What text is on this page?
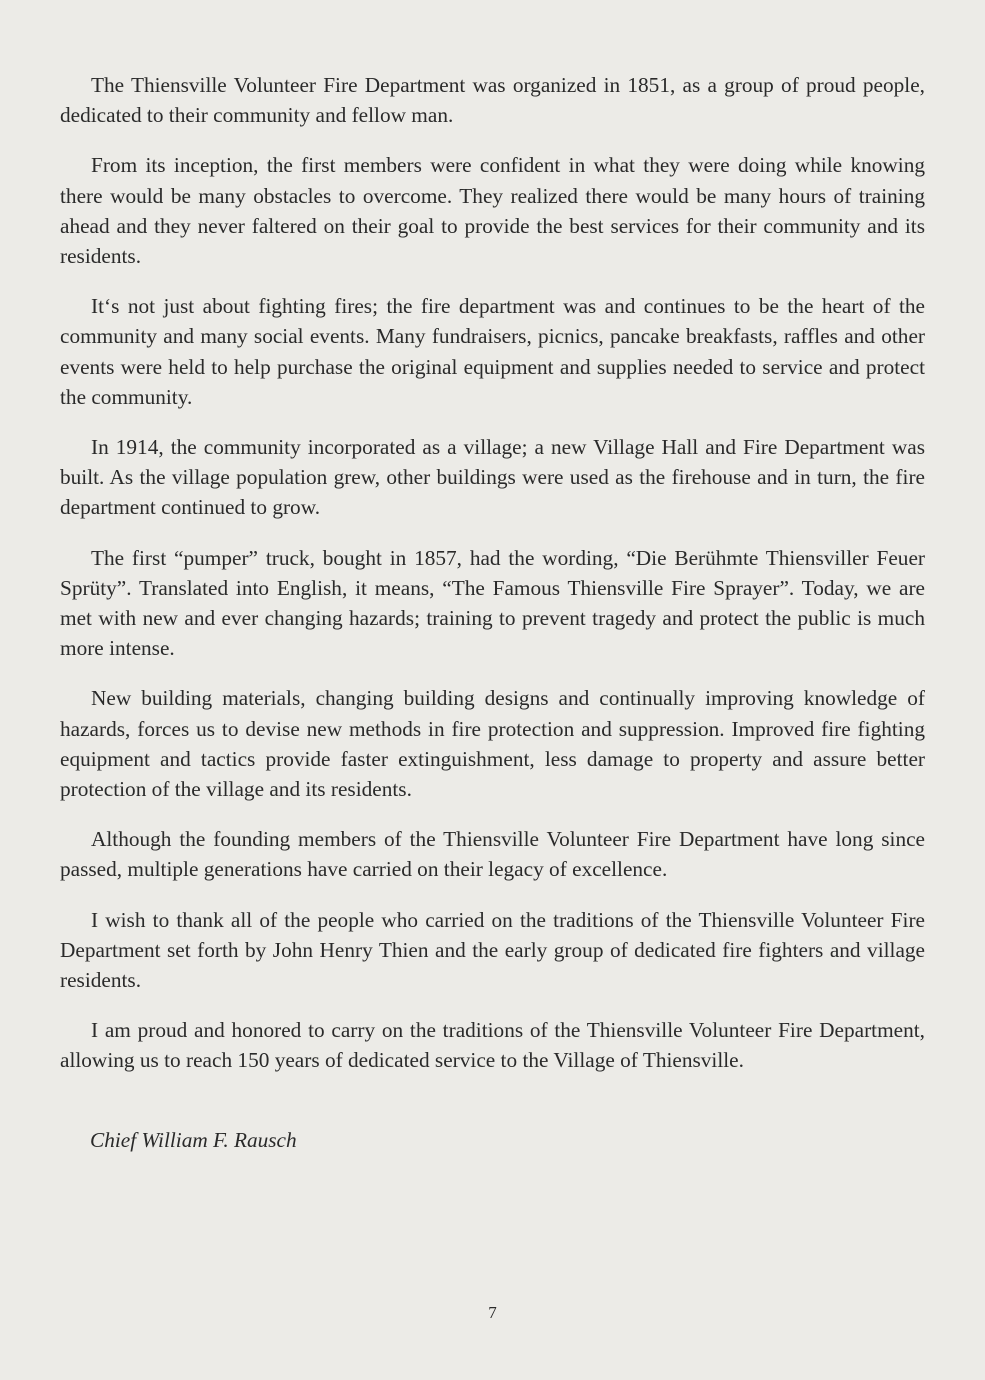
The Thiensville Volunteer Fire Department was organized in 1851, as a group of proud people, dedicated to their community and fellow man.

From its inception, the first members were confident in what they were doing while knowing there would be many obstacles to overcome. They realized there would be many hours of training ahead and they never faltered on their goal to provide the best services for their community and its residents.

It‘s not just about fighting fires; the fire department was and continues to be the heart of the community and many social events. Many fundraisers, picnics, pancake breakfasts, raffles and other events were held to help purchase the original equipment and supplies needed to service and protect the community.

In 1914, the community incorporated as a village; a new Village Hall and Fire Department was built. As the village population grew, other buildings were used as the firehouse and in turn, the fire department continued to grow.

The first “pumper” truck, bought in 1857, had the wording, “Die Berühmte Thiensviller Feuer Sprüty”. Translated into English, it means, “The Famous Thiensville Fire Sprayer”. Today, we are met with new and ever changing hazards; training to prevent tragedy and protect the public is much more intense.

New building materials, changing building designs and continually improving knowledge of hazards, forces us to devise new methods in fire protection and suppression. Improved fire fighting equipment and tactics provide faster extinguishment, less damage to property and assure better protection of the village and its residents.

Although the founding members of the Thiensville Volunteer Fire Department have long since passed, multiple generations have carried on their legacy of excellence.

I wish to thank all of the people who carried on the traditions of the Thiensville Volunteer Fire Department set forth by John Henry Thien and the early group of dedicated fire fighters and village residents.

I am proud and honored to carry on the traditions of the Thiensville Volunteer Fire Department, allowing us to reach 150 years of dedicated service to the Village of Thiensville.

Chief William F. Rausch

7
